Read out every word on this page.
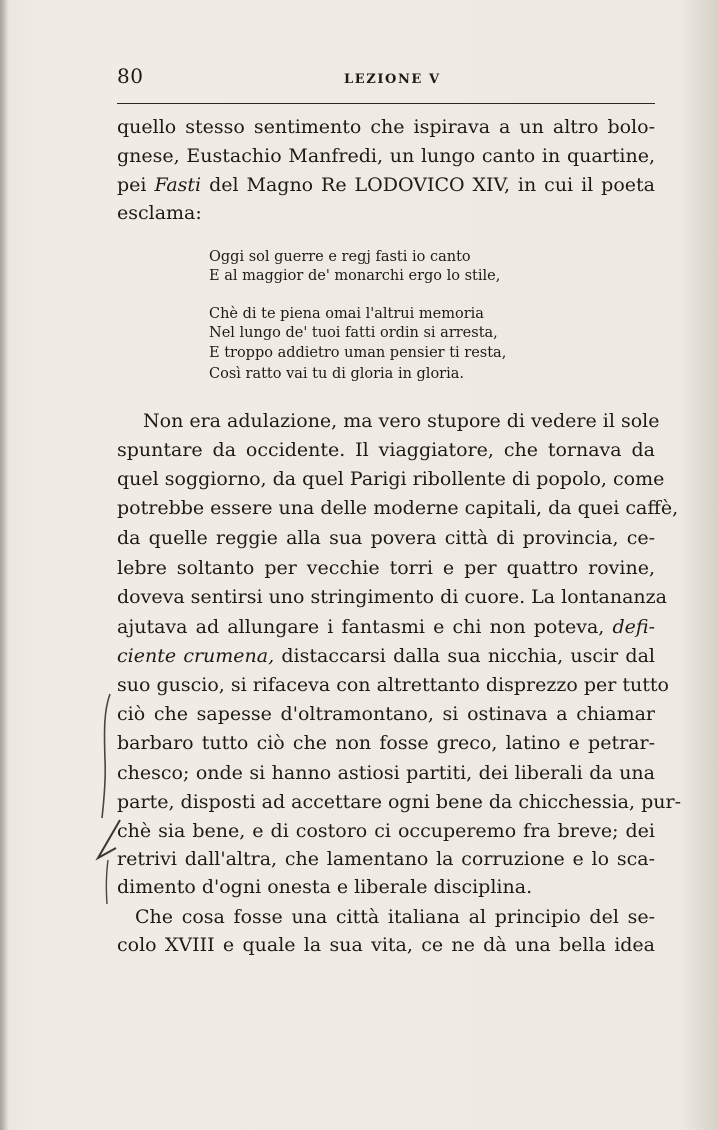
80	LEZIONE V
quello stesso sentimento che ispirava a un altro bolo-
gnese, Eustachio Manfredi, un lungo canto in quartine,
pei Fasti del Magno Re LODOVICO XIV, in cui il poeta
esclama:
Oggi sol guerre e regj fasti io canto
E al maggior de' monarchi ergo lo stile,
Chè di te piena omai l'altrui memoria
Nel lungo de' tuoi fatti ordin si arresta,
E troppo addietro uman pensier ti resta,
Così ratto vai tu di gloria in gloria.
Non era adulazione, ma vero stupore di vedere il sole
spuntare da occidente. Il viaggiatore, che tornava da
quel soggiorno, da quel Parigi ribollente di popolo, come
potrebbe essere una delle moderne capitali, da quei caffè,
da quelle reggie alla sua povera città di provincia, ce-
lebre soltanto per vecchie torri e per quattro rovine,
doveva sentirsi uno stringimento di cuore. La lontananza
ajutava ad allungare i fantasmi e chi non poteva, defi-
ciente crumena, distaccarsi dalla sua nicchia, uscir dal
suo guscio, si rifaceva con altrettanto disprezzo per tutto
ciò che sapesse d'oltramontano, si ostinava a chiamar
barbaro tutto ciò che non fosse greco, latino e petrar-
chesco; onde si hanno astiosi partiti, dei liberali da una
parte, disposti ad accettare ogni bene da chicchessia, pur-
chè sia bene, e di costoro ci occuperemo fra breve; dei
retrivi dall'altra, che lamentano la corruzione e lo sca-
dimento d'ogni onesta e liberale disciplina.
Che cosa fosse una città italiana al principio del se-
colo XVIII e quale la sua vita, ce ne dà una bella idea
